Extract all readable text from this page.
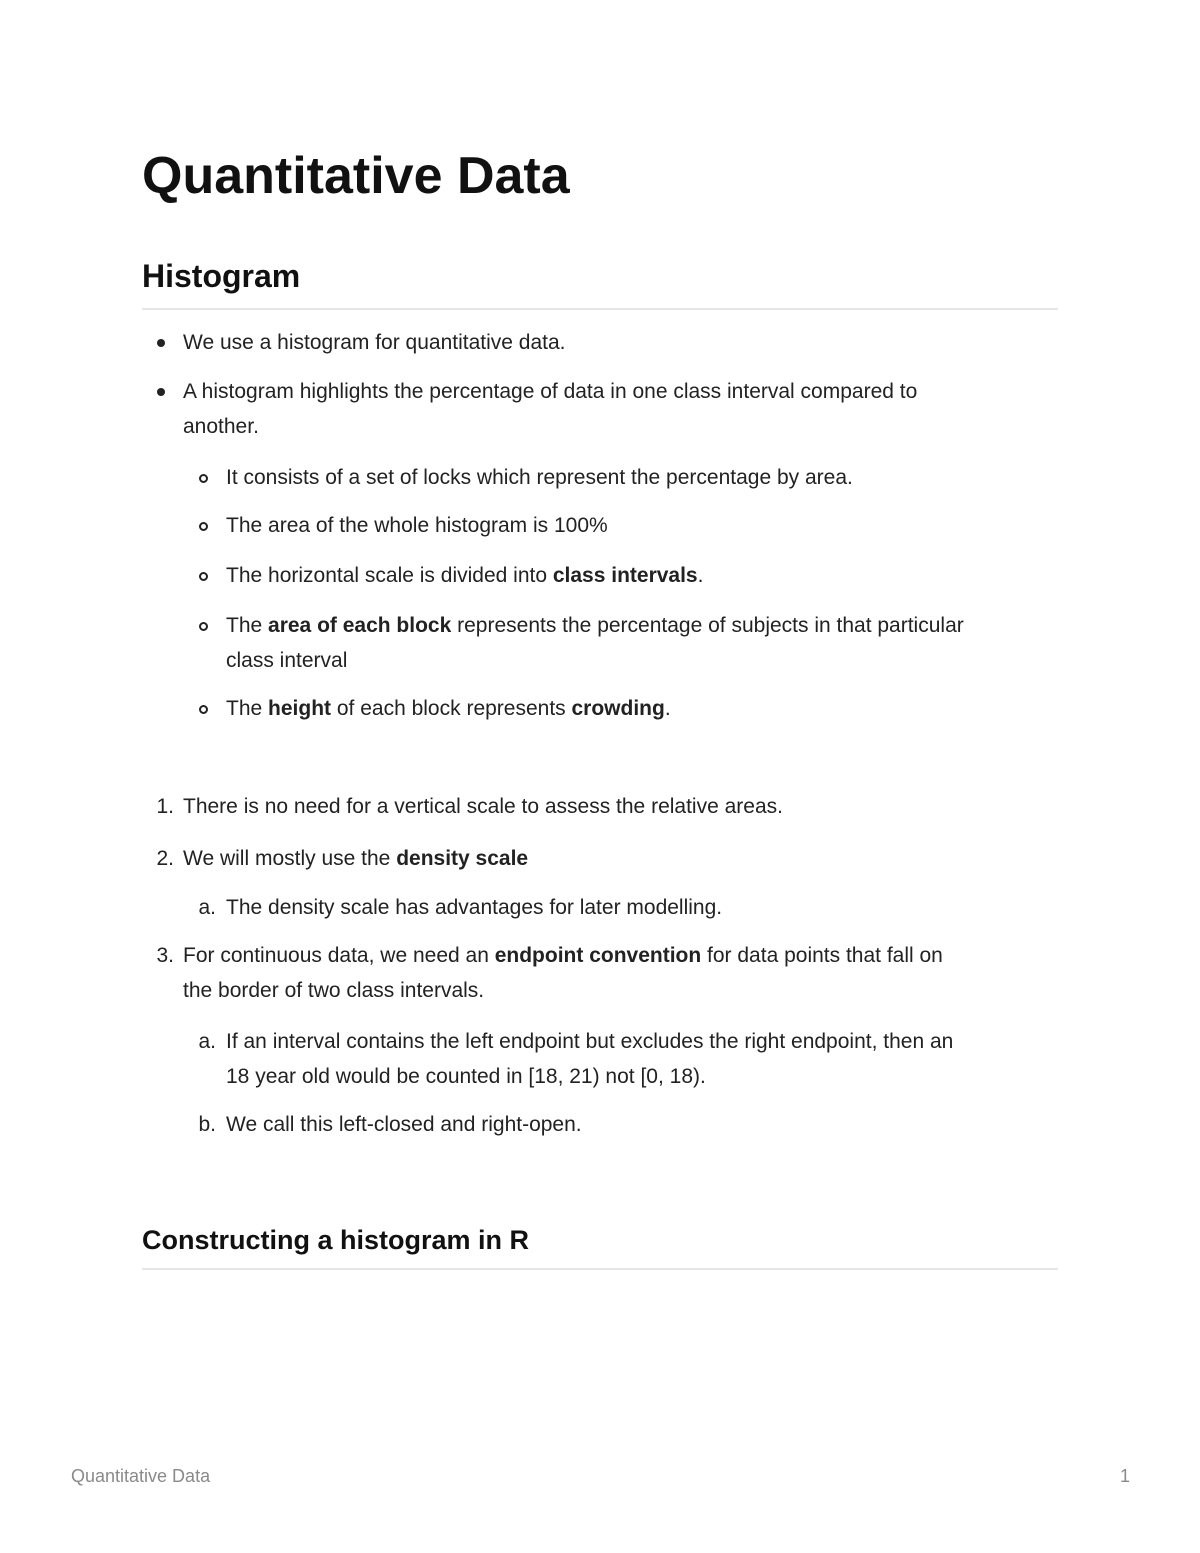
Quantitative Data
Histogram
We use a histogram for quantitative data.
A histogram highlights the percentage of data in one class interval compared to
another.
It consists of a set of locks which represent the percentage by area.
The area of the whole histogram is 100%
The horizontal scale is divided into class intervals.
The area of each block represents the percentage of subjects in that particular
class interval
The height of each block represents crowding.
1. There is no need for a vertical scale to assess the relative areas.
2. We will mostly use the density scale
a. The density scale has advantages for later modelling.
3. For continuous data, we need an endpoint convention for data points that fall on
the border of two class intervals.
a. If an interval contains the left endpoint but excludes the right endpoint, then an
18 year old would be counted in [18, 21) not [0, 18).
b. We call this left-closed and right-open.
Constructing a histogram in R
Quantitative Data	1
